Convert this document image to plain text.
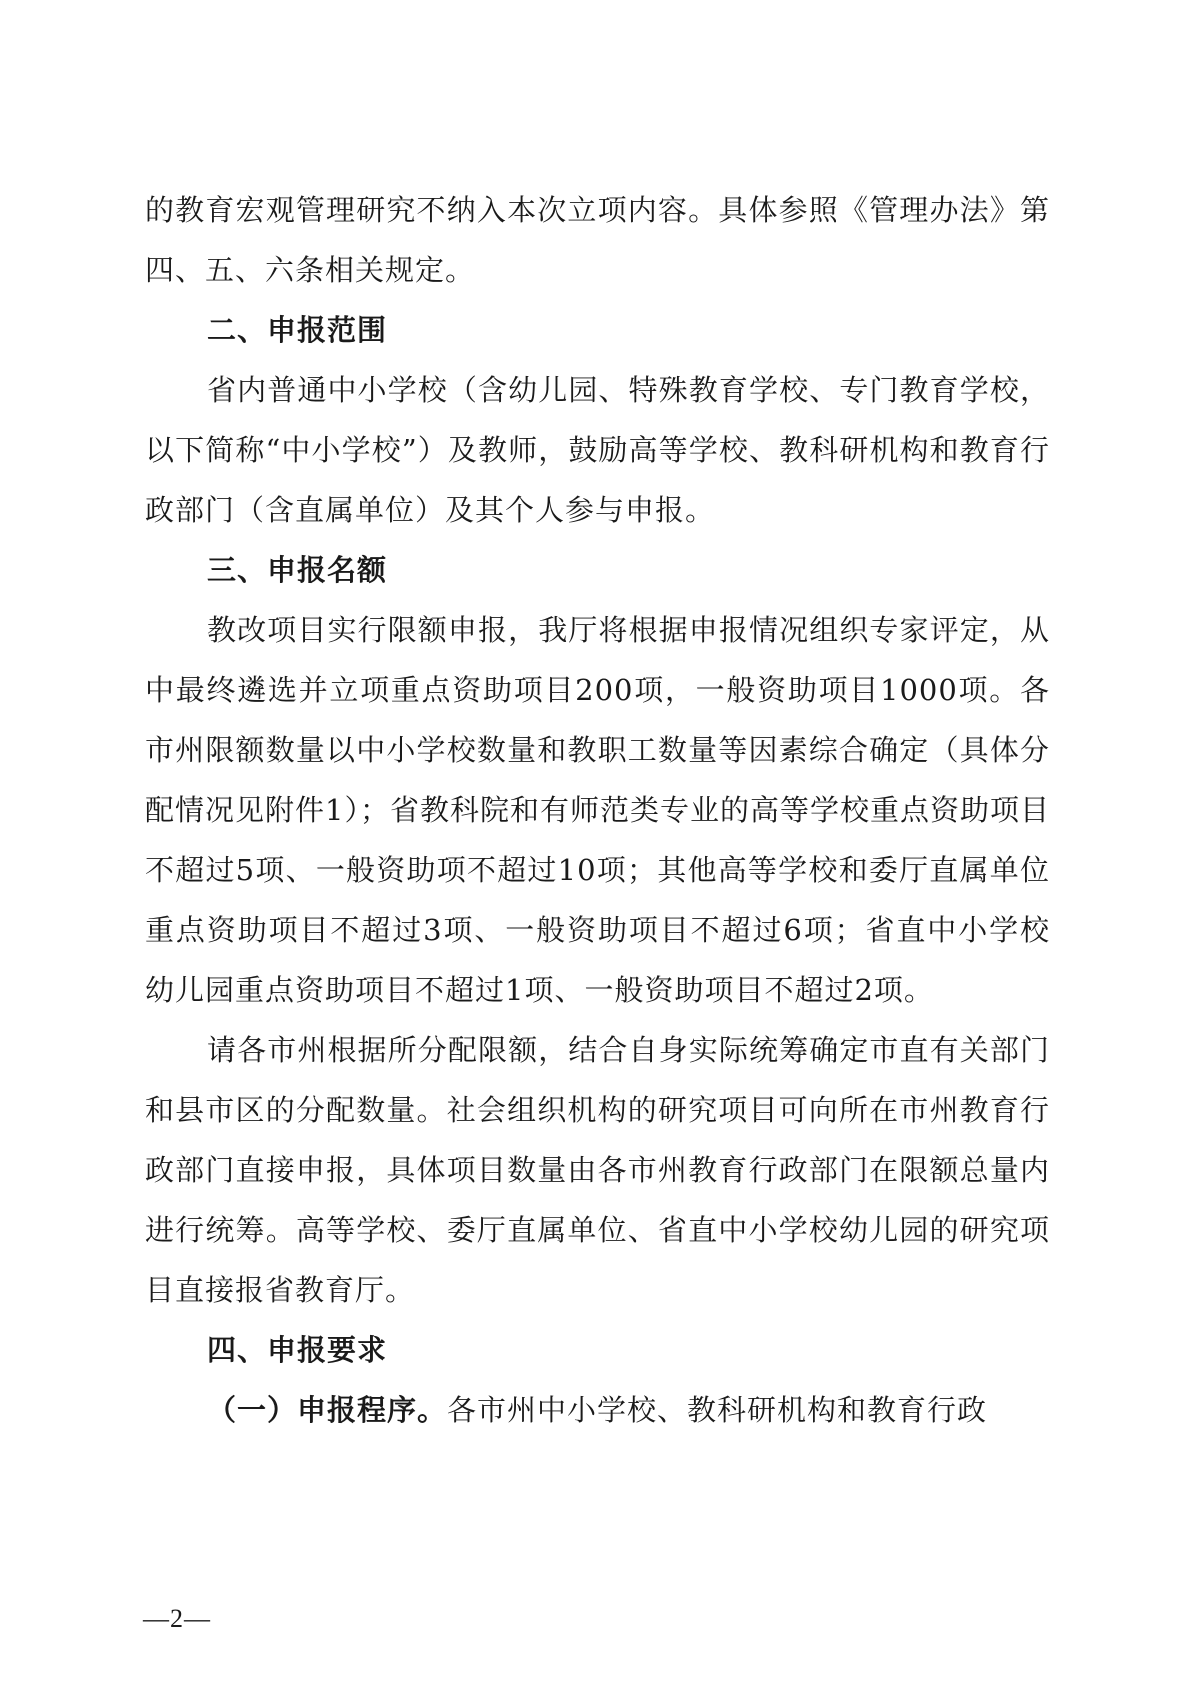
的教育宏观管理研究不纳入本次立项内容。具体参照《管理办法》第四、五、六条相关规定。

二、申报范围

省内普通中小学校（含幼儿园、特殊教育学校、专门教育学校，以下简称“中小学校”）及教师，鼓励高等学校、教科研机构和教育行政部门（含直属单位）及其个人参与申报。

三、申报名额

教改项目实行限额申报，我厅将根据申报情况组织专家评定，从中最终遴选并立项重点资助项目200项，一般资助项目1000项。各市州限额数量以中小学校数量和教职工数量等因素综合确定（具体分配情况见附件1）；省教科院和有师范类专业的高等学校重点资助项目不超过5项、一般资助项不超过10项；其他高等学校和委厅直属单位重点资助项目不超过3项、一般资助项目不超过6项；省直中小学校幼儿园重点资助项目不超过1项、一般资助项目不超过2项。

请各市州根据所分配限额，结合自身实际统筹确定市直有关部门和县市区的分配数量。社会组织机构的研究项目可向所在市州教育行政部门直接申报，具体项目数量由各市州教育行政部门在限额总量内进行统筹。高等学校、委厅直属单位、省直中小学校幼儿园的研究项目直接报省教育厅。

四、申报要求

（一）申报程序。各市州中小学校、教科研机构和教育行政

—2—
